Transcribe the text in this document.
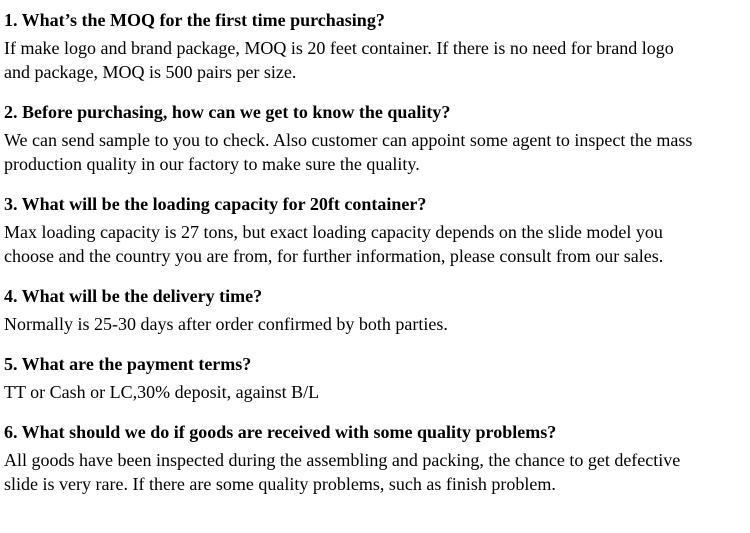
1. What’s the MOQ for the first time purchasing?
If make logo and brand package, MOQ is 20 feet container. If there is no need for brand logo
and package, MOQ is 500 pairs per size.
2. Before purchasing, how can we get to know the quality?
We can send sample to you to check. Also customer can appoint some agent to inspect the mass
production quality in our factory to make sure the quality.
3. What will be the loading capacity for 20ft container?
Max loading capacity is 27 tons, but exact loading capacity depends on the slide model you
choose and the country you are from, for further information, please consult from our sales.
4. What will be the delivery time?
Normally is 25-30 days after order confirmed by both parties.
5. What are the payment terms?
TT or Cash or LC,30% deposit, against B/L
6. What should we do if goods are received with some quality problems?
All goods have been inspected during the assembling and packing, the chance to get defective
slide is very rare. If there are some quality problems, such as finish problem.
